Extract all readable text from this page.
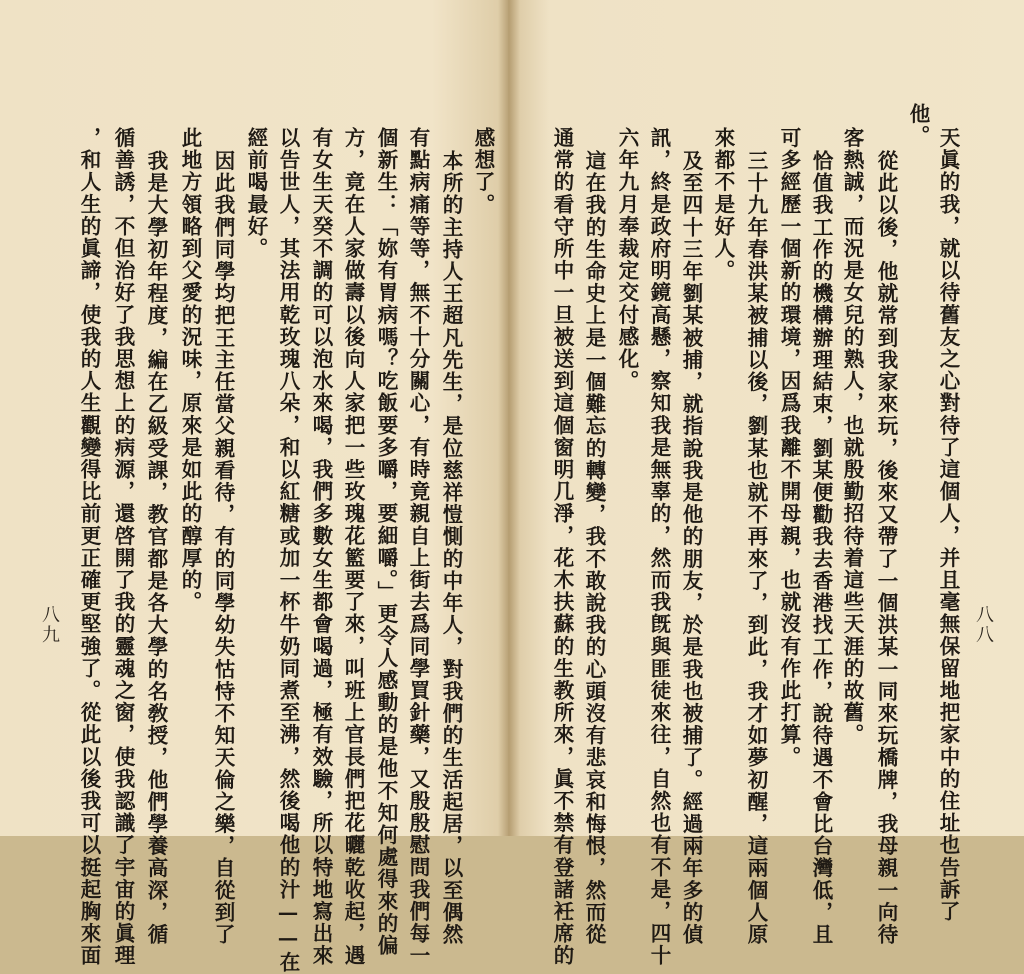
天眞的我，就以待舊友之心對待了這個人，并且毫無保留地把家中的住址也告訴了
他。
從此以後，他就常到我家來玩，後來又帶了一個洪某一同來玩橋牌，我母親一向待
客熱誠，而況是女兒的熟人，也就殷勤招待着這些天涯的故舊。
恰值我工作的機構辦理結束，劉某便勸我去香港找工作，說待遇不會比台灣低，且
可多經歷一個新的環境，因爲我離不開母親，也就沒有作此打算。
三十九年春洪某被捕以後，劉某也就不再來了，到此，我才如夢初醒，這兩個人原
來都不是好人。
及至四十三年劉某被捕，就指說我是他的朋友，於是我也被捕了。經過兩年多的偵
訊，終是政府明鏡高懸，察知我是無辜的，然而我旣與匪徒來往，自然也有不是，四十
六年九月奉裁定交付感化。
這在我的生命史上是一個難忘的轉變，我不敢說我的心頭沒有悲哀和悔恨，然而從
通常的看守所中一旦被送到這個窗明几淨，花木扶蘇的生教所來，眞不禁有登諸衽席的	八八
感想了。
本所的主持人王超凡先生，是位慈祥愷惻的中年人，對我們的生活起居，以至偶然
有點病痛等等，無不十分關心，有時竟親自上街去爲同學買針藥，又殷殷慰問我們每一
個新生：「妳有胃病嗎？吃飯要多嚼，要細嚼。」更令人感動的是他不知何處得來的偏
方，竟在人家做壽以後向人家把一些玫瑰花籃要了來，叫班上官長們把花曬乾收起，遇
有女生天癸不調的可以泡水來喝，我們多數女生都會喝過，極有效驗，所以特地寫出來
以告世人，其法用乾玫瑰八朵，和以紅糖或加一杯牛奶同煮至沸，然後喝他的汁——在
經前喝最好。
因此我們同學均把王主任當父親看待，有的同學幼失怙恃不知天倫之樂，自從到了
此地方領略到父愛的況味，原來是如此的醇厚的。
我是大學初年程度，編在乙級受課，教官都是各大學的名敎授，他們學養高深，循
循善誘，不但治好了我思想上的病源，還啓開了我的靈魂之窗，使我認識了宇宙的眞理
，和人生的眞諦，使我的人生觀變得比前更正確更堅強了。從此以後我可以挺起胸來面
八九
